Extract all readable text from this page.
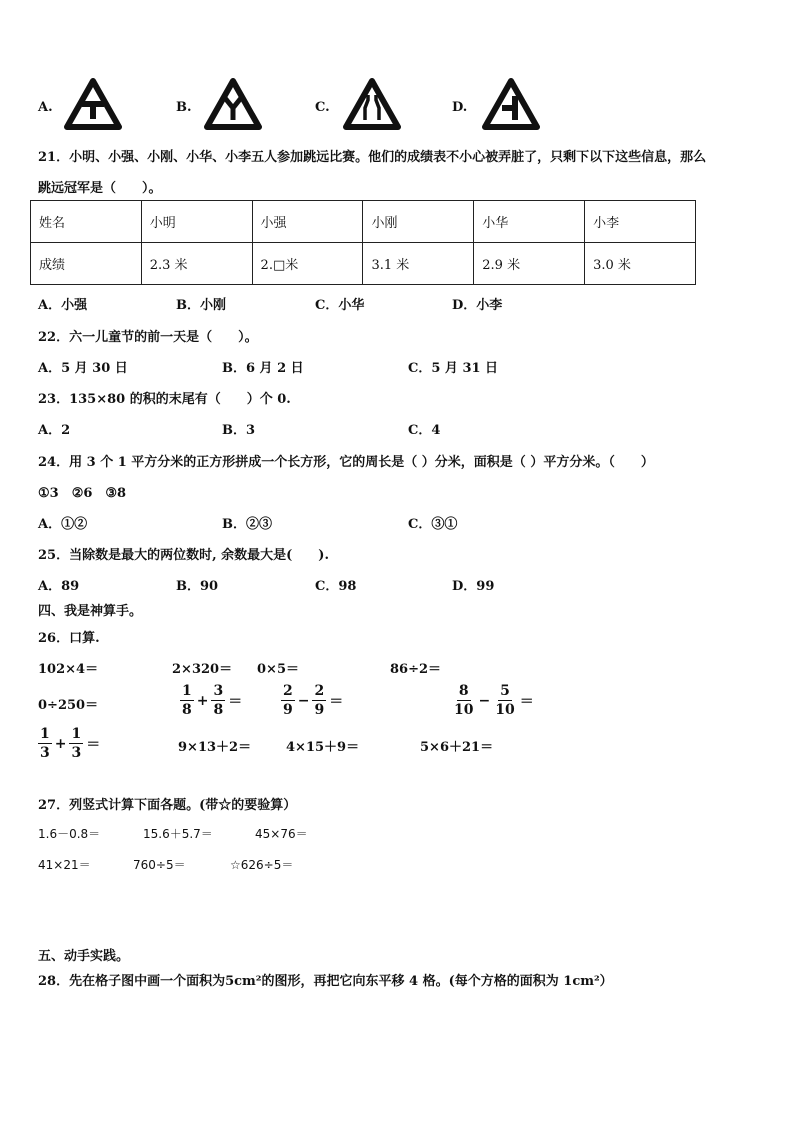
A.	B.	C.	D.
21．小明、小强、小刚、小华、小李五人参加跳远比赛。他们的成绩表不小心被弄脏了，只剩下以下这些信息，那么
跳远冠军是（　　）。
姓名	小明	小强	小刚	小华	小李
成绩	2.3 米	2.□米	3.1 米	2.9 米	3.0 米
A．小强	B．小刚	C．小华	D．小李
22．六一儿童节的前一天是（　　）。
A．5 月 30 日	B．6 月 2 日	C．5 月 31 日
23．135×80 的积的末尾有（　　）个 0.
A．2	B．3	C．4
24．用 3 个 1 平方分米的正方形拼成一个长方形，它的周长是（ ）分米，面积是（ ）平方分米。（　　）
①3　②6　③8
A．①②	B．②③	C．③①
25．当除数是最大的两位数时, 余数最大是(　　).
A．89	B．90	C．98	D．99
四、我是神算手。
26．口算.
102×4＝	2×320＝ 0×5＝	86÷2＝
0÷250＝	$\frac{1}{8} + \frac{3}{8}$ ＝	$\frac{2}{9} - \frac{2}{9}$ ＝	$\frac{8}{10} - \frac{5}{10}$ ＝
$\frac{1}{3} + \frac{1}{3}$ ＝	9×13＋2＝	4×15＋9＝	5×6＋21＝
27．列竖式计算下面各题。(带☆的要验算）
1.6－0.8＝	15.6＋5.7＝	45×76＝
41×21＝	760÷5＝	☆626÷5＝
五、动手实践。
28．先在格子图中画一个面积为5cm²的图形，再把它向东平移 4 格。(每个方格的面积为 1cm²）
